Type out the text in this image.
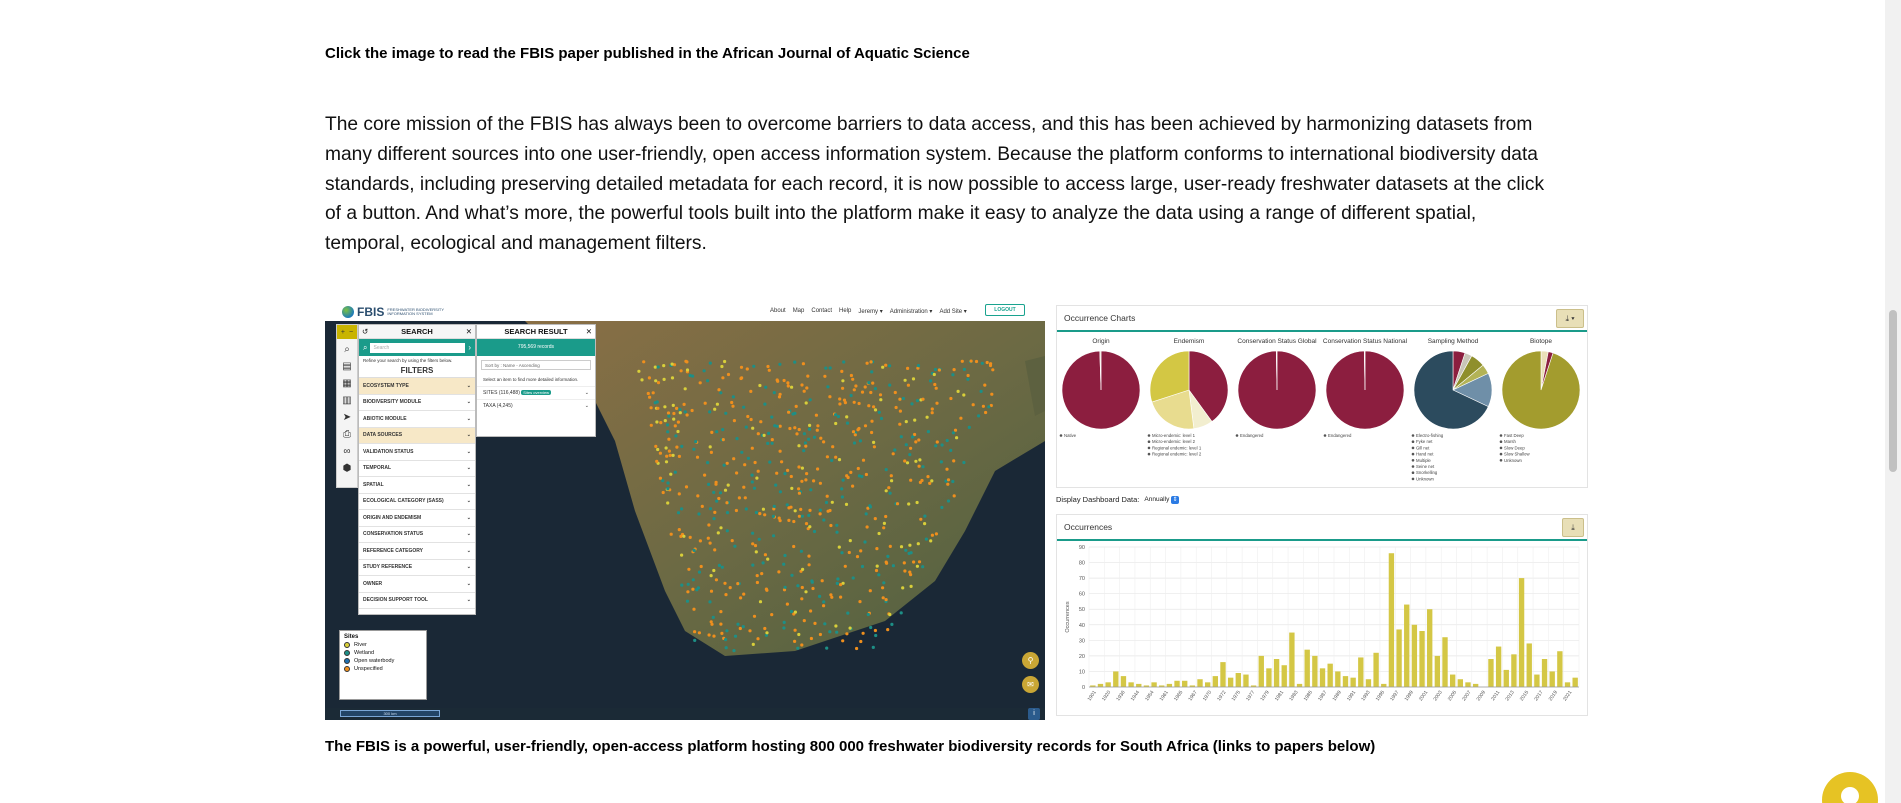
Click the image to read the FBIS paper published in the African Journal of Aquatic Science

The core mission of the FBIS has always been to overcome barriers to data access, and this has been achieved by harmonizing datasets from many different sources into one user-friendly, open access information system. Because the platform conforms to international biodiversity data standards, including preserving detailed metadata for each record, it is now possible to access large, user-ready freshwater datasets at the click of a button. And what’s more, the powerful tools built into the platform make it easy to analyze the data using a range of different spatial, temporal, ecological and management filters.

FBIS FRESHWATER BIODIVERSITY INFORMATION SYSTEM	About Map Contact Help Jeremy ▾ Administration ▾ Add Site ▾	LOGOUT
+ −
⌕
▤
▦
▥
➤
⎙
∞
⬢
↺	SEARCH	✕
⌕	Search	›
Refine your search by using the filters below.
FILTERS
ECOSYSTEM TYPE	⌄
BIODIVERSITY MODULE	⌄
ABIOTIC MODULE	⌄
DATA SOURCES	⌄
VALIDATION STATUS	⌄
TEMPORAL	⌄
SPATIAL	⌄
ECOLOGICAL CATEGORY (SASS)	⌄
ORIGIN AND ENDEMISM	⌄
CONSERVATION STATUS	⌄
REFERENCE CATEGORY	⌄
STUDY REFERENCE	⌄
OWNER	⌄
DECISION SUPPORT TOOL	⌄
SEARCH RESULT ✕
795,569 records
Sort by : Name - Ascending
Select an item to find more detailed information.
SITES (116,488) Sites overview	⌄
TAXA (4,245)	⌄
Sites
River
Wetland
Open waterbody
Unspecified
300 km
⚲
✉
i
Occurrence Charts	⤓ ▾
Origin
Native
Endemism
Micro-endemic: level 1
Micro-endemic: level 2
Regional endemic: level 1
Regional endemic: level 2
Conservation Status Global
Endangered
Conservation Status National
Endangered
Sampling Method
Electro-fishing
Fyke net
Gill net
Hand net
Multiple
Seine net
Snorkelling
Unknown
Biotope
Fast Deep
Marsh
Slow Deep
Slow Shallow
Unknown
Display Dashboard Data: Annually ⇕
Occurrences	⤓
Occurrences
0
10
20
30
40
50
60
70
80
90
1901 1920 1936 1944 1954 1961 1965 1967 1970 1972 1975 1977 1979 1981 1983 1985 1987 1989 1991 1993 1995 1997 1999 2001 2003 2005 2007 2009 2011 2013 2015 2017 2019 2021
The FBIS is a powerful, user-friendly, open-access platform hosting 800 000 freshwater biodiversity records for South Africa (links to papers below)
